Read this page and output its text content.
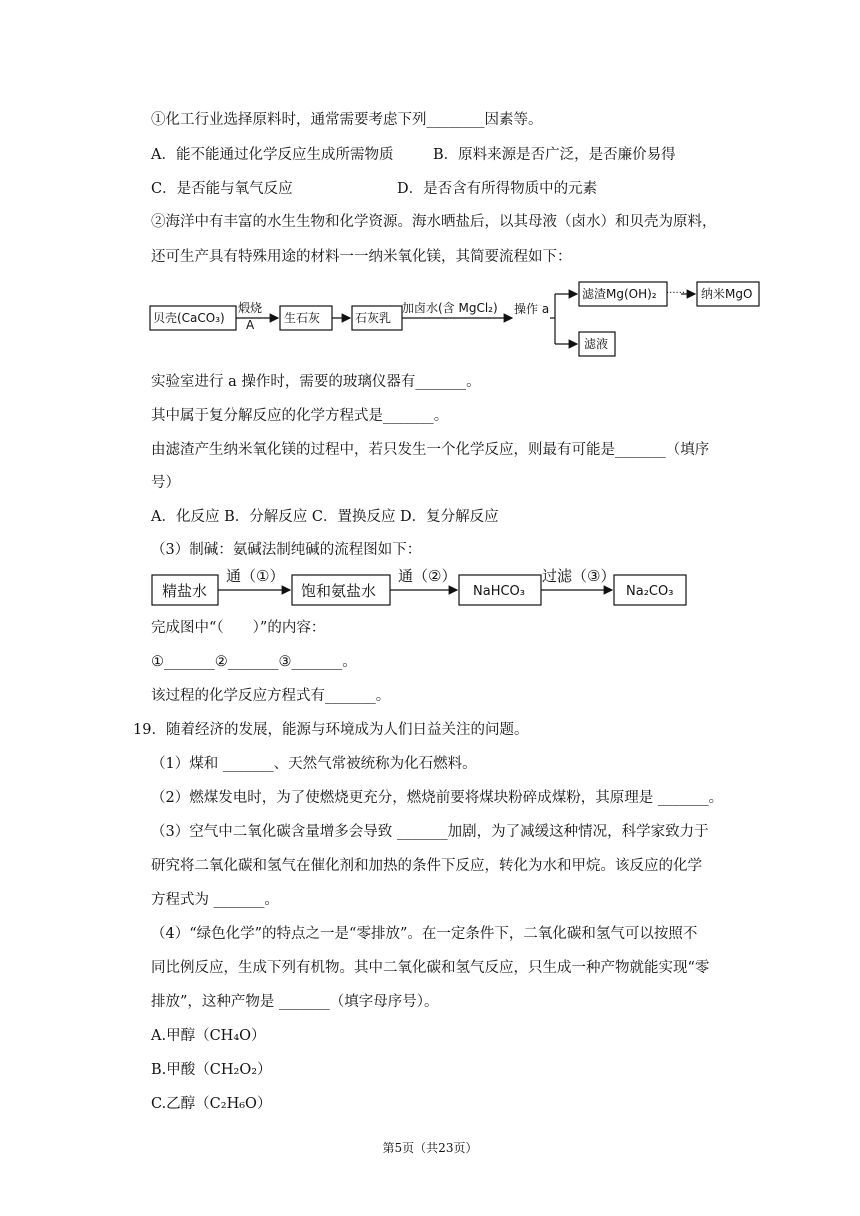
①化工行业选择原料时，通常需要考虑下列________因素等。
A．能不能通过化学反应生成所需物质	B．原料来源是否广泛，是否廉价易得
C．是否能与氧气反应	D．是否含有所得物质中的元素
②海洋中有丰富的水生生物和化学资源。海水晒盐后，以其母液（卤水）和贝壳为原料，
还可生产具有特殊用途的材料一一纳米氧化镁，其简要流程如下：
贝壳(CaCO₃)
煅烧
A 生石灰	石灰乳
加卤水(含 MgCl₂) 操作 a
滤渣Mg(OH)₂ ······ 纳米MgO
滤液
实验室进行 a 操作时，需要的玻璃仪器有_______。
其中属于复分解反应的化学方程式是_______。
由滤渣产生纳米氧化镁的过程中，若只发生一个化学反应，则最有可能是_______（填序
号）
A．化反应 B．分解反应 C．置换反应 D．复分解反应
（3）制碱：氨碱法制纯碱的流程图如下：
精盐水
通（①）
饱和氨盐水
通（②）
NaHCO₃
过滤（③）
Na₂CO₃
完成图中“（　　）”的内容：
①_______②_______③_______。
该过程的化学反应方程式有_______。
19．随着经济的发展，能源与环境成为人们日益关注的问题。
（1）煤和 _______、天然气常被统称为化石燃料。
（2）燃煤发电时，为了使燃烧更充分，燃烧前要将煤块粉碎成煤粉，其原理是 _______。
（3）空气中二氧化碳含量增多会导致 _______加剧，为了减缓这种情况，科学家致力于
研究将二氧化碳和氢气在催化剂和加热的条件下反应，转化为水和甲烷。该反应的化学
方程式为 _______。
（4）“绿色化学”的特点之一是“零排放”。在一定条件下，二氧化碳和氢气可以按照不
同比例反应，生成下列有机物。其中二氧化碳和氢气反应，只生成一种产物就能实现“零
排放”，这种产物是 _______（填字母序号）。
A.甲醇（CH₄O）
B.甲酸（CH₂O₂）
C.乙醇（C₂H₆O）
第5页（共23页）
